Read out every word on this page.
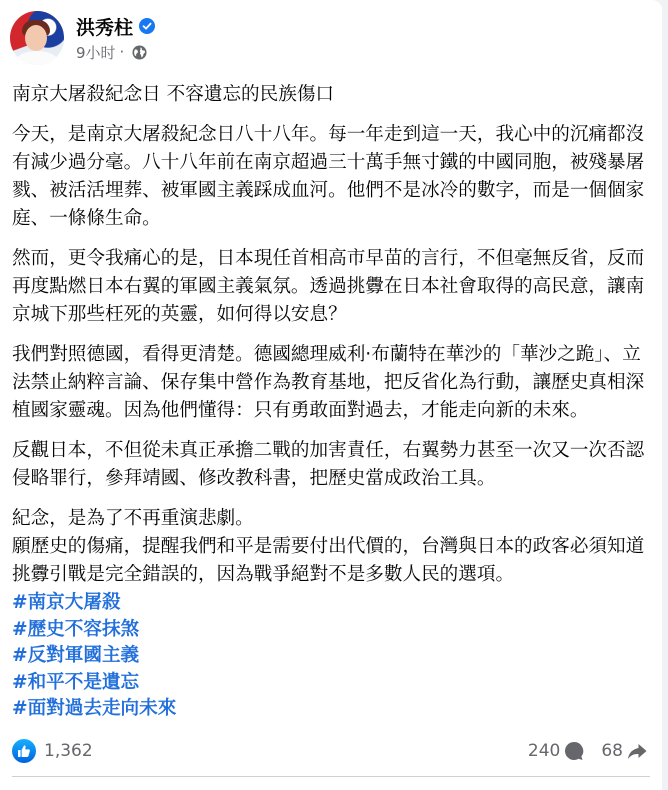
洪秀柱
9小时 ·

南京大屠殺紀念日 不容遺忘的民族傷口

今天，是南京大屠殺紀念日八十八年。每一年走到這一天，我心中的沉痛都沒有減少過分毫。八十八年前在南京超過三十萬手無寸鐵的中國同胞，被殘暴屠戮、被活活埋葬、被軍國主義踩成血河。他們不是冰冷的數字，而是一個個家庭、一條條生命。

然而，更令我痛心的是，日本現任首相高市早苗的言行，不但毫無反省，反而再度點燃日本右翼的軍國主義氣氛。透過挑釁在日本社會取得的高民意，讓南京城下那些枉死的英靈，如何得以安息？

我們對照德國，看得更清楚。德國總理威利·布蘭特在華沙的「華沙之跪」、立法禁止納粹言論、保存集中營作為教育基地，把反省化為行動，讓歷史真相深植國家靈魂。因為他們懂得：只有勇敢面對過去，才能走向新的未來。

反觀日本，不但從未真正承擔二戰的加害責任，右翼勢力甚至一次又一次否認侵略罪行，參拜靖國、修改教科書，把歷史當成政治工具。

紀念，是為了不再重演悲劇。

願歷史的傷痛，提醒我們和平是需要付出代價的，台灣與日本的政客必須知道挑釁引戰是完全錯誤的，因為戰爭絕對不是多數人民的選項。

#南京大屠殺
#歷史不容抹煞
#反對軍國主義
#和平不是遺忘
#面對過去走向未來
1,362	240 68
